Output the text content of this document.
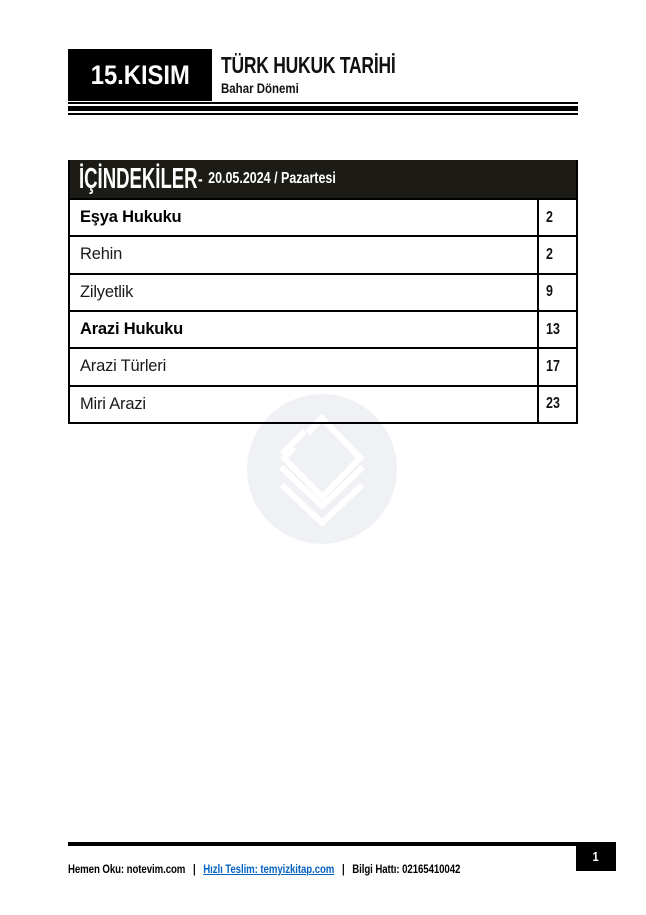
15.KISIM TÜRK HUKUK TARİHİ
Bahar Dönemi
İÇİNDEKİLER - 20.05.2024 / Pazartesi
Eşya Hukuku	2
Rehin	2
Zilyetlik	9
Arazi Hukuku	13
Arazi Türleri	17
Miri Arazi	23
1
Hemen Oku: notevim.com | Hızlı Teslim: temyizkitap.com | Bilgi Hattı: 02165410042
